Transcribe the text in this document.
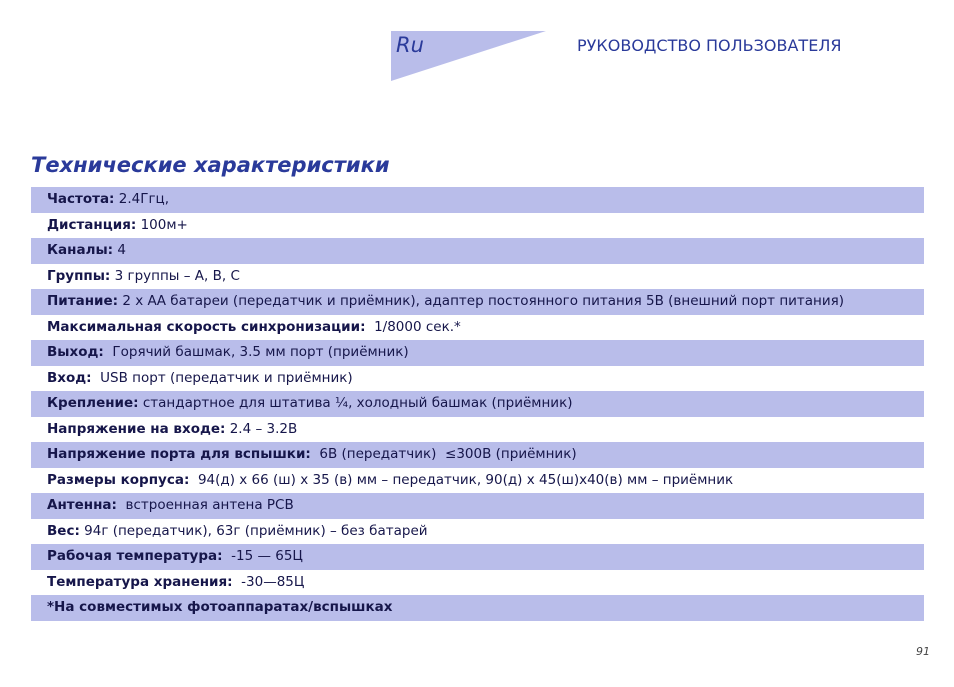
Ru	РУКОВОДСТВО ПОЛЬЗОВАТЕЛЯ
Технические характеристики
Частота: 2.4Ггц,
Дистанция: 100м+
Каналы: 4
Группы: 3 группы – А, В, С
Питание: 2 x АА батареи (передатчик и приёмник), адаптер постоянного питания 5В (внешний порт питания)
Максимальная скорость синхронизации:  1/8000 сек.*
Выход:  Горячий башмак, 3.5 мм порт (приёмник)
Вход:  USB порт (передатчик и приёмник)
Крепление: стандартное для штатива ¼, холодный башмак (приёмник)
Напряжение на входе: 2.4 – 3.2В
Напряжение порта для вспышки:  6В (передатчик)  ≤300В (приёмник)
Размеры корпуса:  94(д) x 66 (ш) x 35 (в) мм – передатчик, 90(д) x 45(ш)x40(в) мм – приёмник
Антенна:  встроенная антена PCB
Вес: 94г (передатчик), 63г (приёмник) – без батарей
Рабочая температура:  -15 — 65Ц
Температура хранения:  -30—85Ц
*На совместимых фотоаппаратах/вспышках
91
